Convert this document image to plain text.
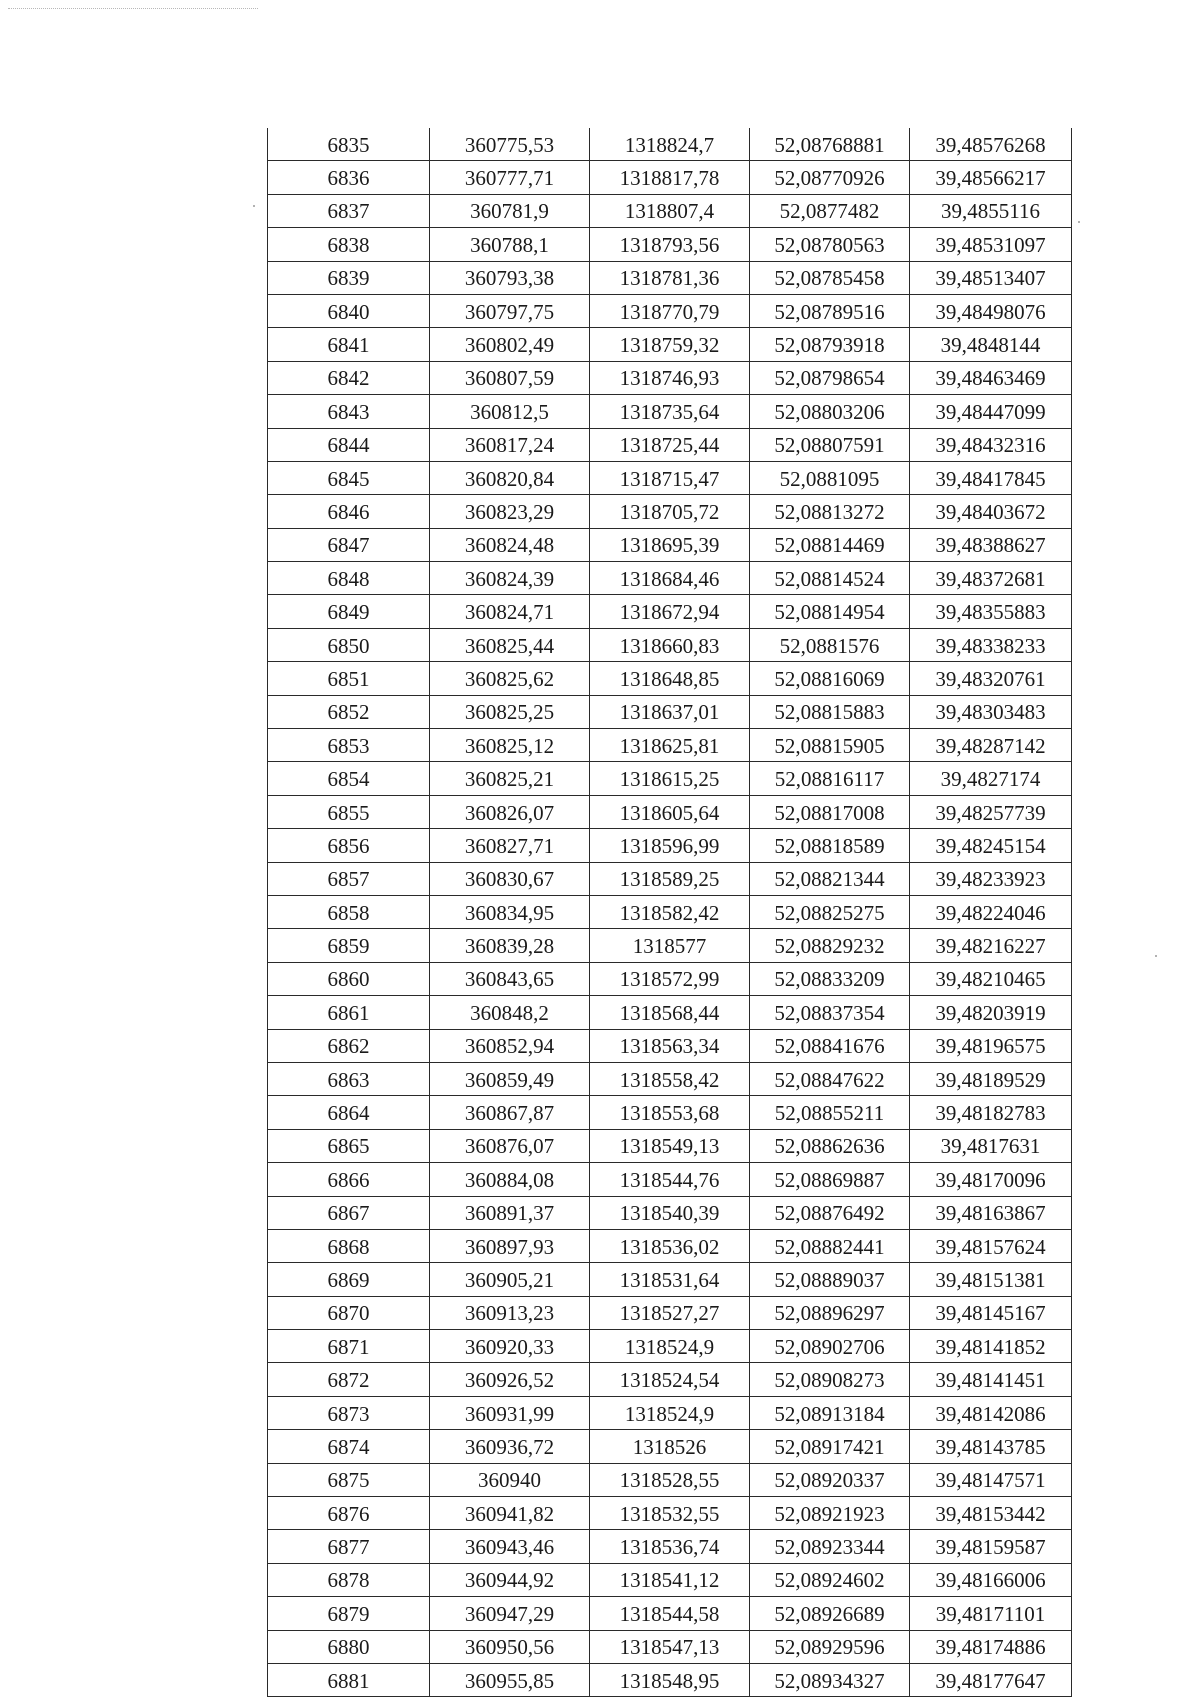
6835	360775,53	1318824,7	52,08768881	39,48576268
6836	360777,71	1318817,78	52,08770926	39,48566217
6837	360781,9	1318807,4	52,0877482	39,4855116
6838	360788,1	1318793,56	52,08780563	39,48531097
6839	360793,38	1318781,36	52,08785458	39,48513407
6840	360797,75	1318770,79	52,08789516	39,48498076
6841	360802,49	1318759,32	52,08793918	39,4848144
6842	360807,59	1318746,93	52,08798654	39,48463469
6843	360812,5	1318735,64	52,08803206	39,48447099
6844	360817,24	1318725,44	52,08807591	39,48432316
6845	360820,84	1318715,47	52,0881095	39,48417845
6846	360823,29	1318705,72	52,08813272	39,48403672
6847	360824,48	1318695,39	52,08814469	39,48388627
6848	360824,39	1318684,46	52,08814524	39,48372681
6849	360824,71	1318672,94	52,08814954	39,48355883
6850	360825,44	1318660,83	52,0881576	39,48338233
6851	360825,62	1318648,85	52,08816069	39,48320761
6852	360825,25	1318637,01	52,08815883	39,48303483
6853	360825,12	1318625,81	52,08815905	39,48287142
6854	360825,21	1318615,25	52,08816117	39,4827174
6855	360826,07	1318605,64	52,08817008	39,48257739
6856	360827,71	1318596,99	52,08818589	39,48245154
6857	360830,67	1318589,25	52,08821344	39,48233923
6858	360834,95	1318582,42	52,08825275	39,48224046
6859	360839,28	1318577	52,08829232	39,48216227
6860	360843,65	1318572,99	52,08833209	39,48210465
6861	360848,2	1318568,44	52,08837354	39,48203919
6862	360852,94	1318563,34	52,08841676	39,48196575
6863	360859,49	1318558,42	52,08847622	39,48189529
6864	360867,87	1318553,68	52,08855211	39,48182783
6865	360876,07	1318549,13	52,08862636	39,4817631
6866	360884,08	1318544,76	52,08869887	39,48170096
6867	360891,37	1318540,39	52,08876492	39,48163867
6868	360897,93	1318536,02	52,08882441	39,48157624
6869	360905,21	1318531,64	52,08889037	39,48151381
6870	360913,23	1318527,27	52,08896297	39,48145167
6871	360920,33	1318524,9	52,08902706	39,48141852
6872	360926,52	1318524,54	52,08908273	39,48141451
6873	360931,99	1318524,9	52,08913184	39,48142086
6874	360936,72	1318526	52,08917421	39,48143785
6875	360940	1318528,55	52,08920337	39,48147571
6876	360941,82	1318532,55	52,08921923	39,48153442
6877	360943,46	1318536,74	52,08923344	39,48159587
6878	360944,92	1318541,12	52,08924602	39,48166006
6879	360947,29	1318544,58	52,08926689	39,48171101
6880	360950,56	1318547,13	52,08929596	39,48174886
6881	360955,85	1318548,95	52,08934327	39,48177647
